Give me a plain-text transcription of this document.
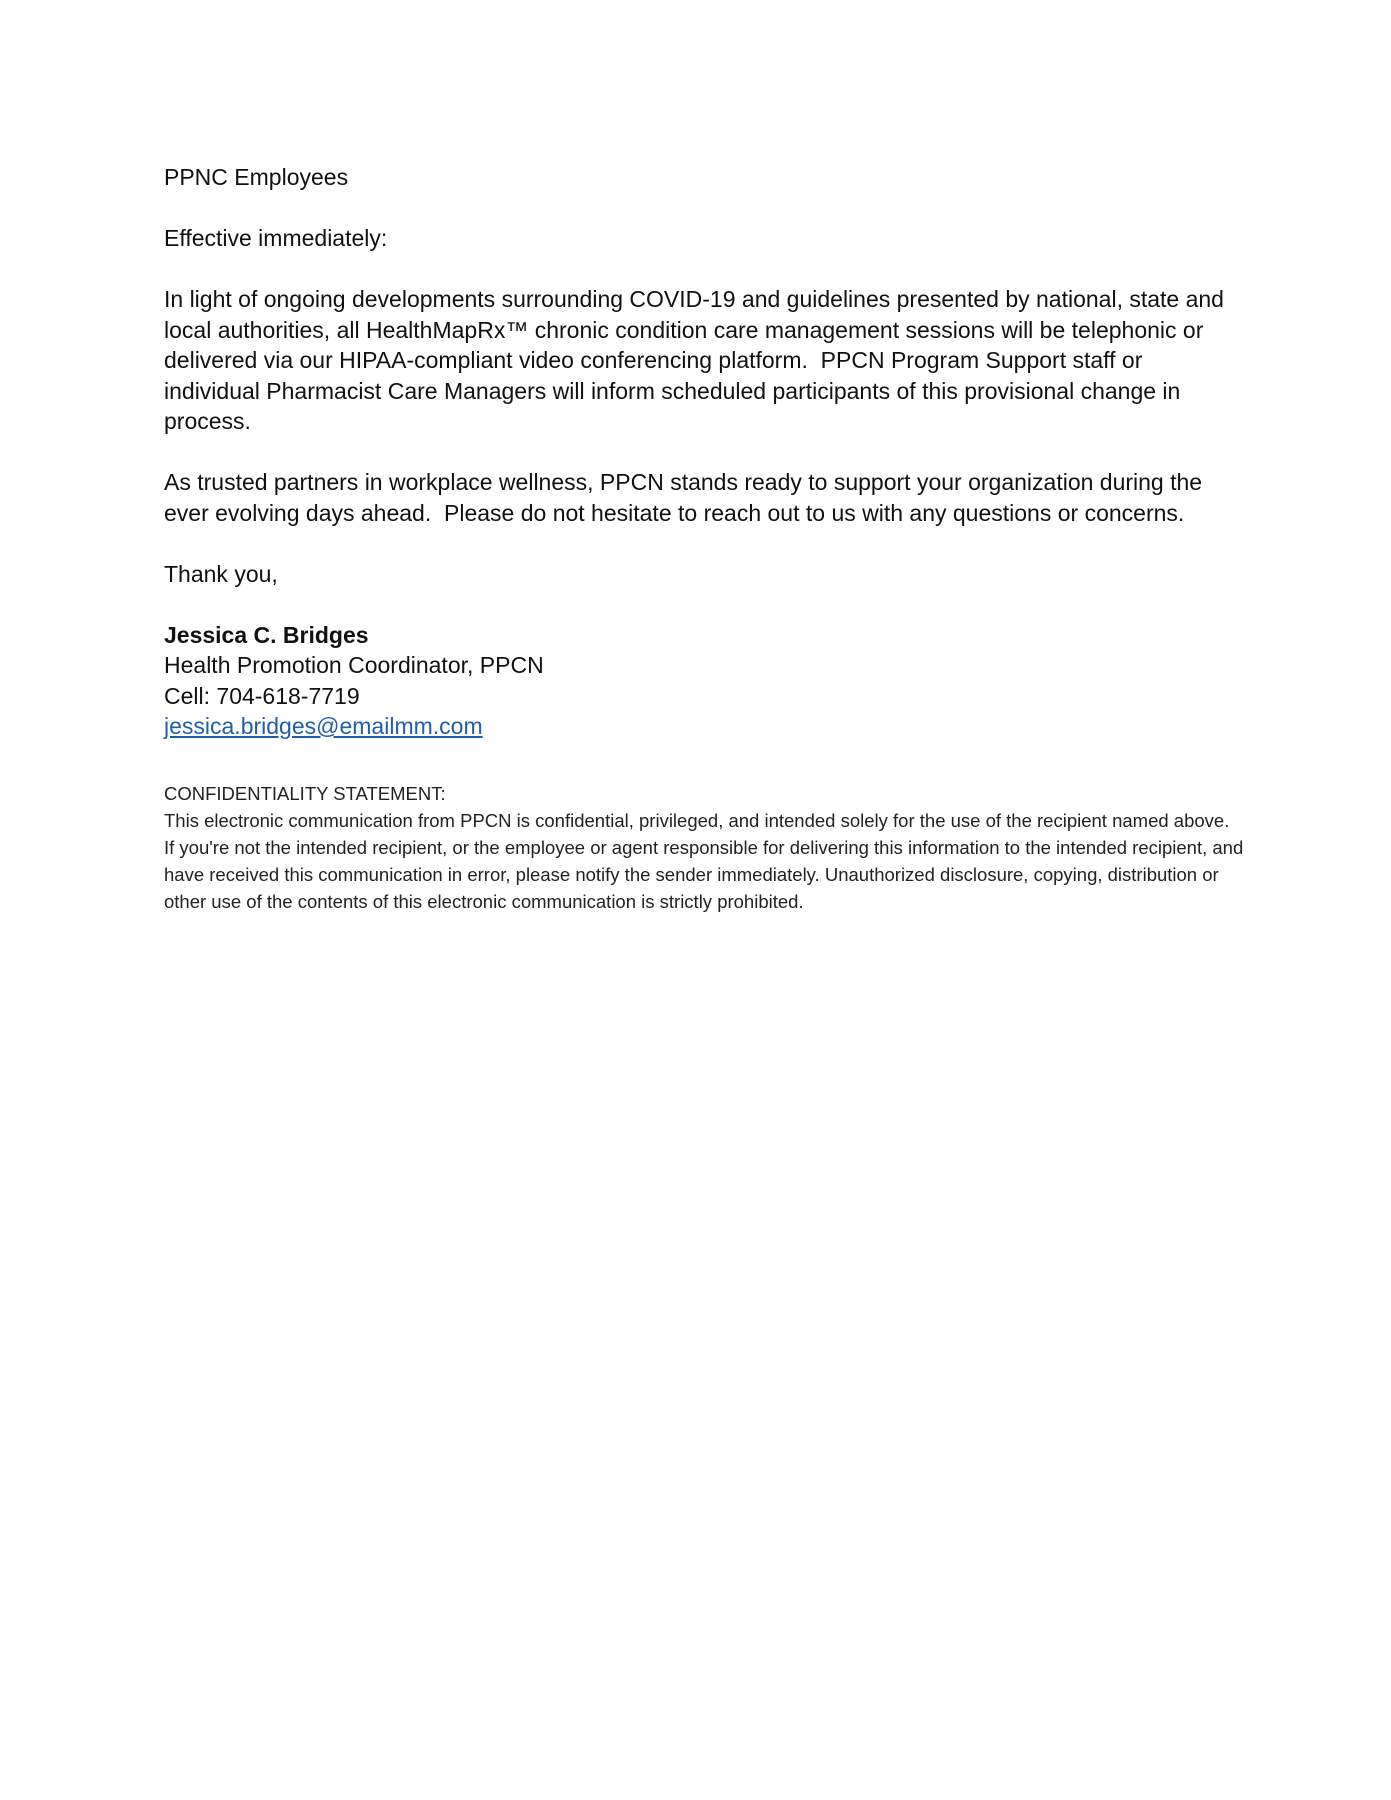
PPNC Employees

Effective immediately:

In light of ongoing developments surrounding COVID-19 and guidelines presented by national, state and local authorities, all HealthMapRx™ chronic condition care management sessions will be telephonic or delivered via our HIPAA-compliant video conferencing platform.  PPCN Program Support staff or individual Pharmacist Care Managers will inform scheduled participants of this provisional change in process.

As trusted partners in workplace wellness, PPCN stands ready to support your organization during the ever evolving days ahead.  Please do not hesitate to reach out to us with any questions or concerns.

Thank you,

Jessica C. Bridges
Health Promotion Coordinator, PPCN
Cell: 704-618-7719
jessica.bridges@emailmm.com
CONFIDENTIALITY STATEMENT:
This electronic communication from PPCN is confidential, privileged, and intended solely for the use of the recipient named above. If you're not the intended recipient, or the employee or agent responsible for delivering this information to the intended recipient, and have received this communication in error, please notify the sender immediately. Unauthorized disclosure, copying, distribution or other use of the contents of this electronic communication is strictly prohibited.
